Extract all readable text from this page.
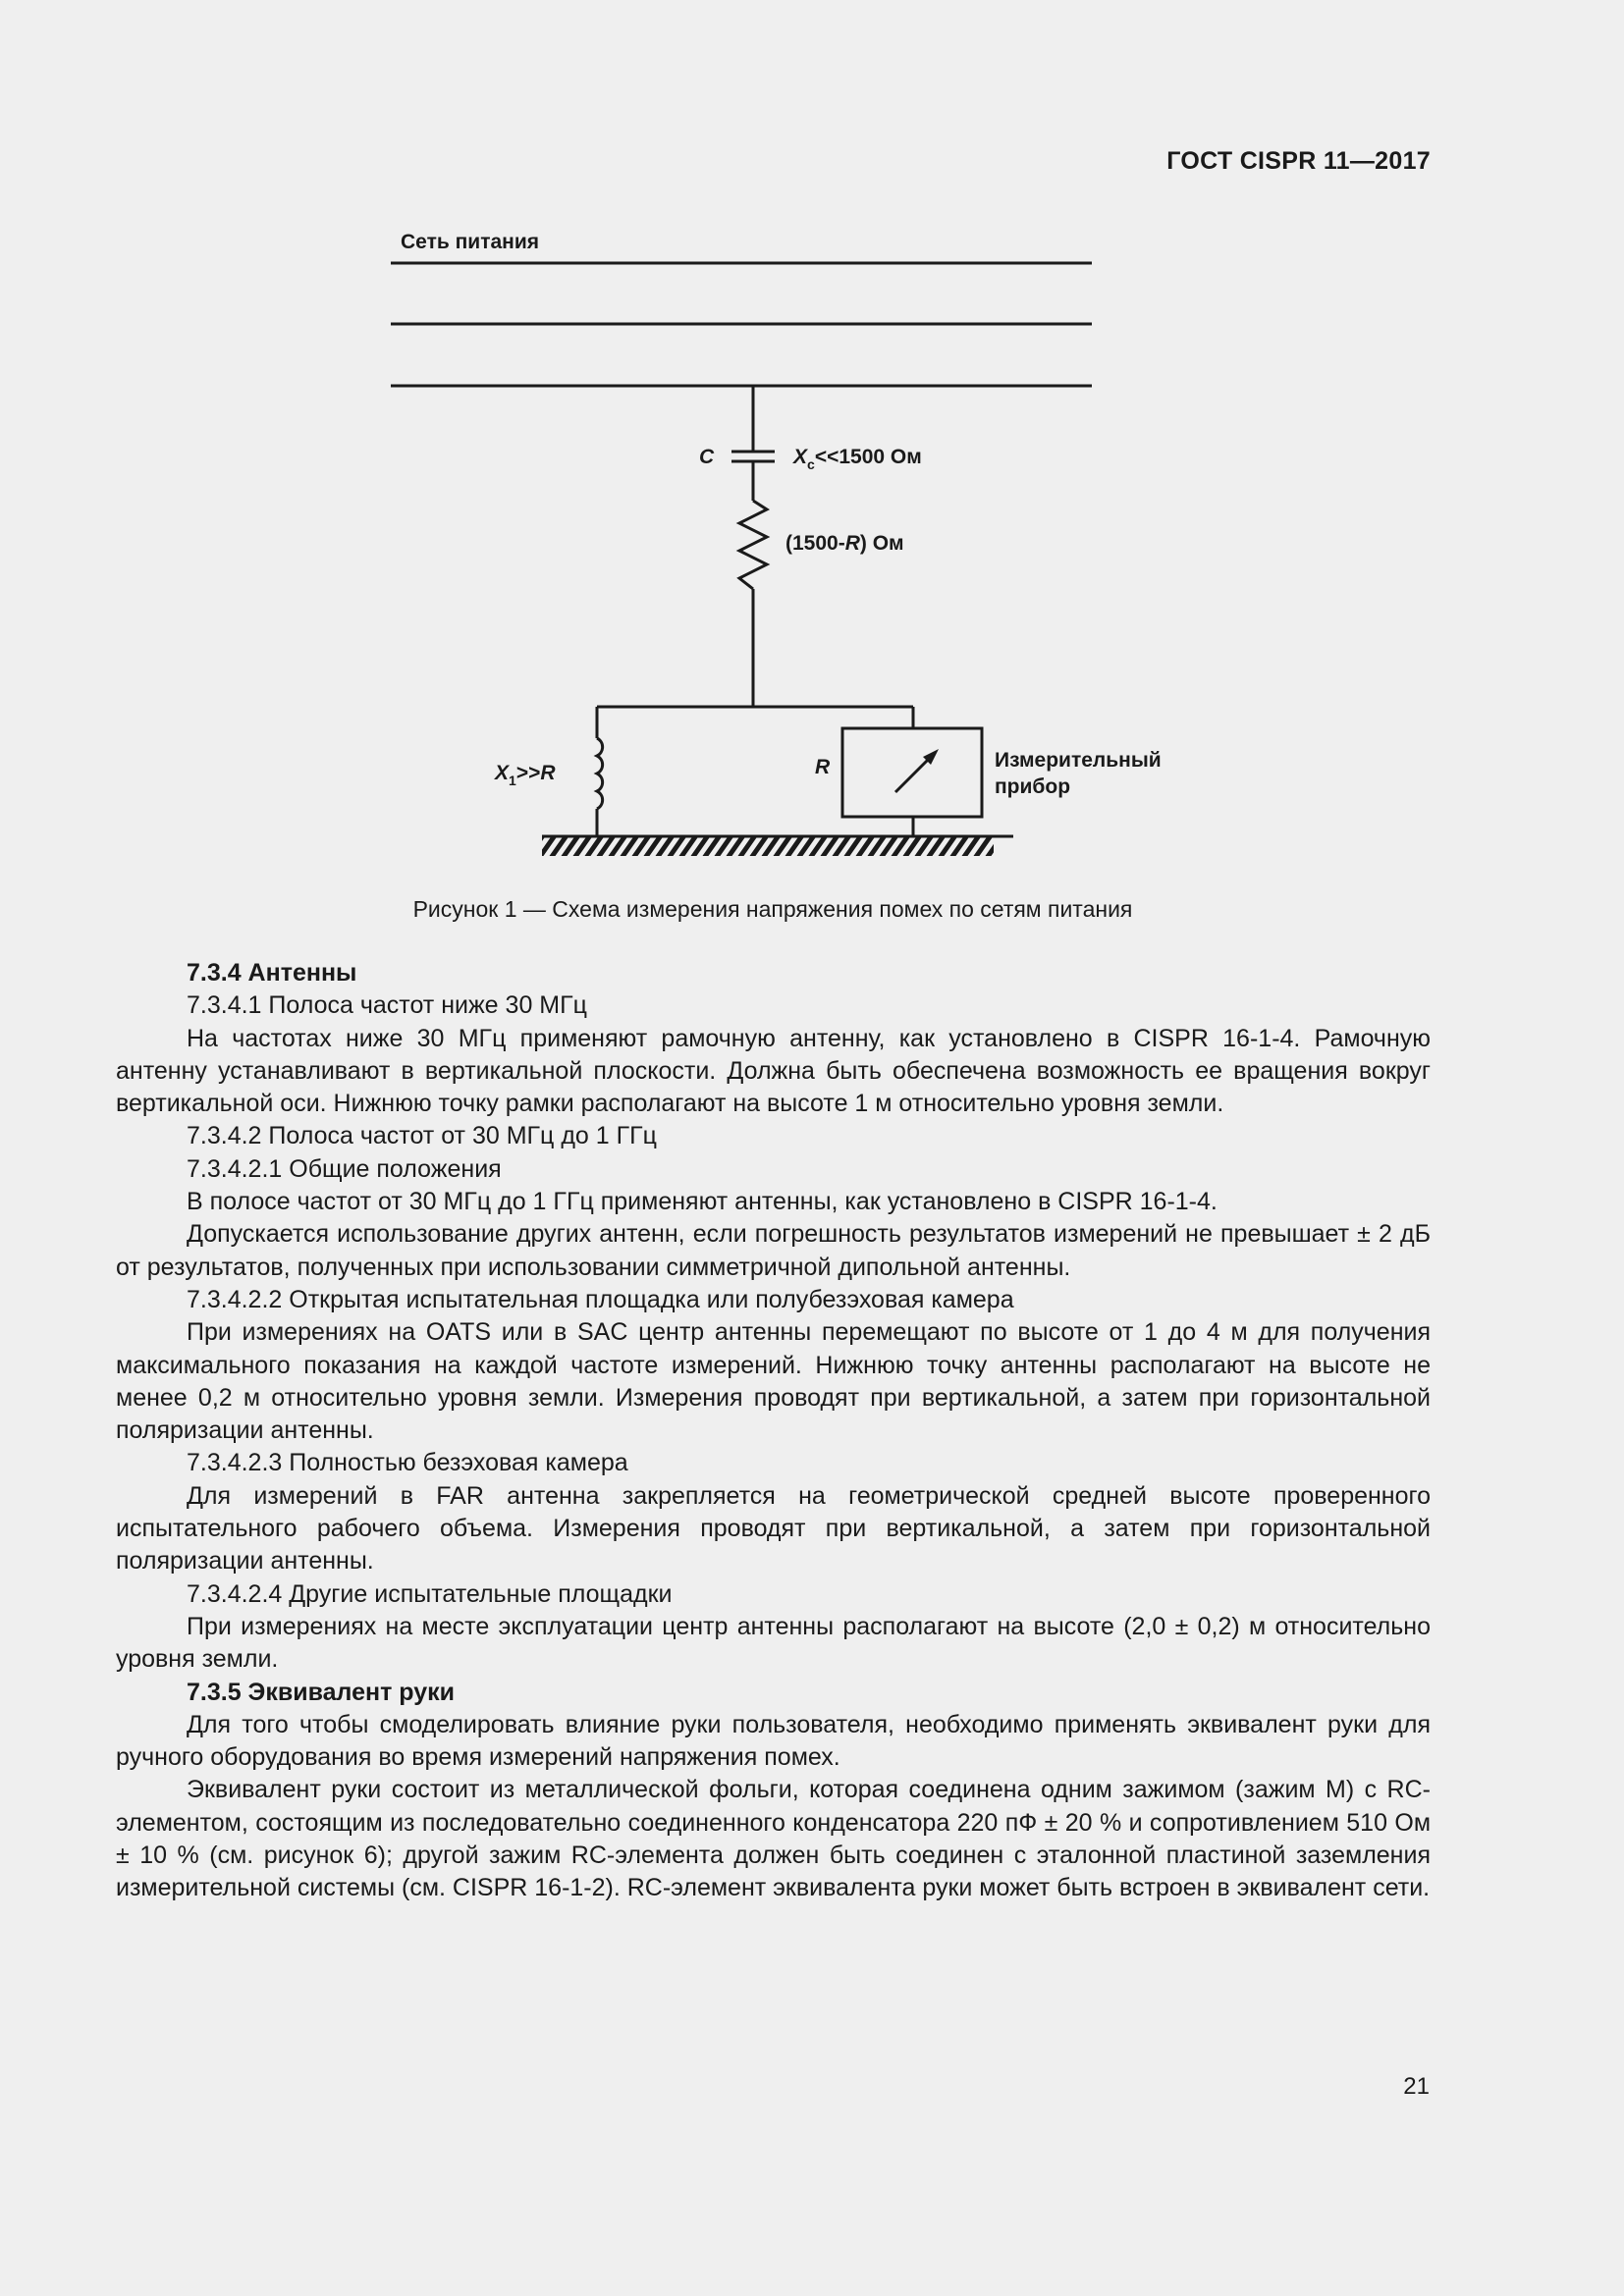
ГОСТ CISPR 11—2017
Сеть питания
C	$X_c<<1500$ Ом
(1500-R) Ом
$X_1>>R$	R	Измерительный
прибор
Рисунок 1 — Схема измерения напряжения помех по сетям питания

7.3.4 Антенны

7.3.4.1 Полоса частот ниже 30 МГц

На частотах ниже 30 МГц применяют рамочную антенну, как установлено в CISPR 16-1-4. Рамочную антенну устанавливают в вертикальной плоскости. Должна быть обеспечена возможность ее вращения вокруг вертикальной оси. Нижнюю точку рамки располагают на высоте 1 м относительно уровня земли.

7.3.4.2 Полоса частот от 30 МГц до 1 ГГц

7.3.4.2.1 Общие положения

В полосе частот от 30 МГц до 1 ГГц применяют антенны, как установлено в CISPR 16-1-4.

Допускается использование других антенн, если погрешность результатов измерений не превышает ± 2 дБ от результатов, полученных при использовании симметричной дипольной антенны.

7.3.4.2.2 Открытая испытательная площадка или полубезэховая камера

При измерениях на OATS или в SAC центр антенны перемещают по высоте от 1 до 4 м для получения максимального показания на каждой частоте измерений. Нижнюю точку антенны располагают на высоте не менее 0,2 м относительно уровня земли. Измерения проводят при вертикальной, а затем при горизонтальной поляризации антенны.

7.3.4.2.3 Полностью безэховая камера

Для измерений в FAR антенна закрепляется на геометрической средней высоте проверенного испытательного рабочего объема. Измерения проводят при вертикальной, а затем при горизонтальной поляризации антенны.

7.3.4.2.4 Другие испытательные площадки

При измерениях на месте эксплуатации центр антенны располагают на высоте (2,0 ± 0,2) м относительно уровня земли.

7.3.5 Эквивалент руки

Для того чтобы смоделировать влияние руки пользователя, необходимо применять эквивалент руки для ручного оборудования во время измерений напряжения помех.

Эквивалент руки состоит из металлической фольги, которая соединена одним зажимом (зажим М) с RC-элементом, состоящим из последовательно соединенного конденсатора 220 пФ ± 20 % и сопротивлением 510 Ом ± 10 % (см. рисунок 6); другой зажим RC-элемента должен быть соединен с эталонной пластиной заземления измерительной системы (см. CISPR 16-1-2). RC-элемент эквивалента руки может быть встроен в эквивалент сети.

21
